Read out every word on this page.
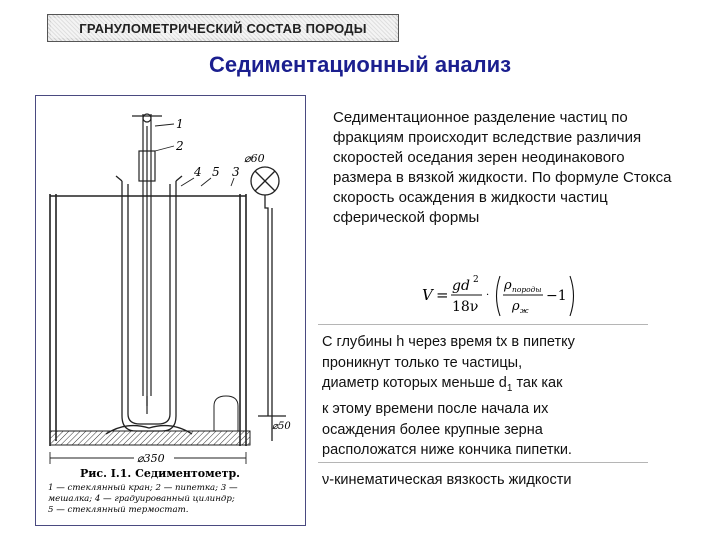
ГРАНУЛОМЕТРИЧЕСКИЙ СОСТАВ ПОРОДЫ
Седиментационный анализ
1
2
4 5 3
⌀60
⌀50
⌀350
Рис. I.1. Седиментометр.
1 — стеклянный кран; 2 — пипетка; 3 —
мешалка; 4 — градуированный цилиндр;
5 — стеклянный термостат.
Седиментационное разделение частиц по
фракциям происходит вследствие различия
скоростей оседания зерен неодинакового
размера в вязкой жидкости. По формуле Стокса
скорость осаждения в жидкости частиц
сферической формы
V = gd 2
18ν
·
ρ породы
ρ ж
−1
С глубины h через время tx в пипетку
проникнут только те частицы,
диаметр которых меньше $d_1$ так как
к этому времени после начала их
осаждения более крупные зерна
расположатся ниже кончика пипетки.
ν-кинематическая вязкость жидкости
